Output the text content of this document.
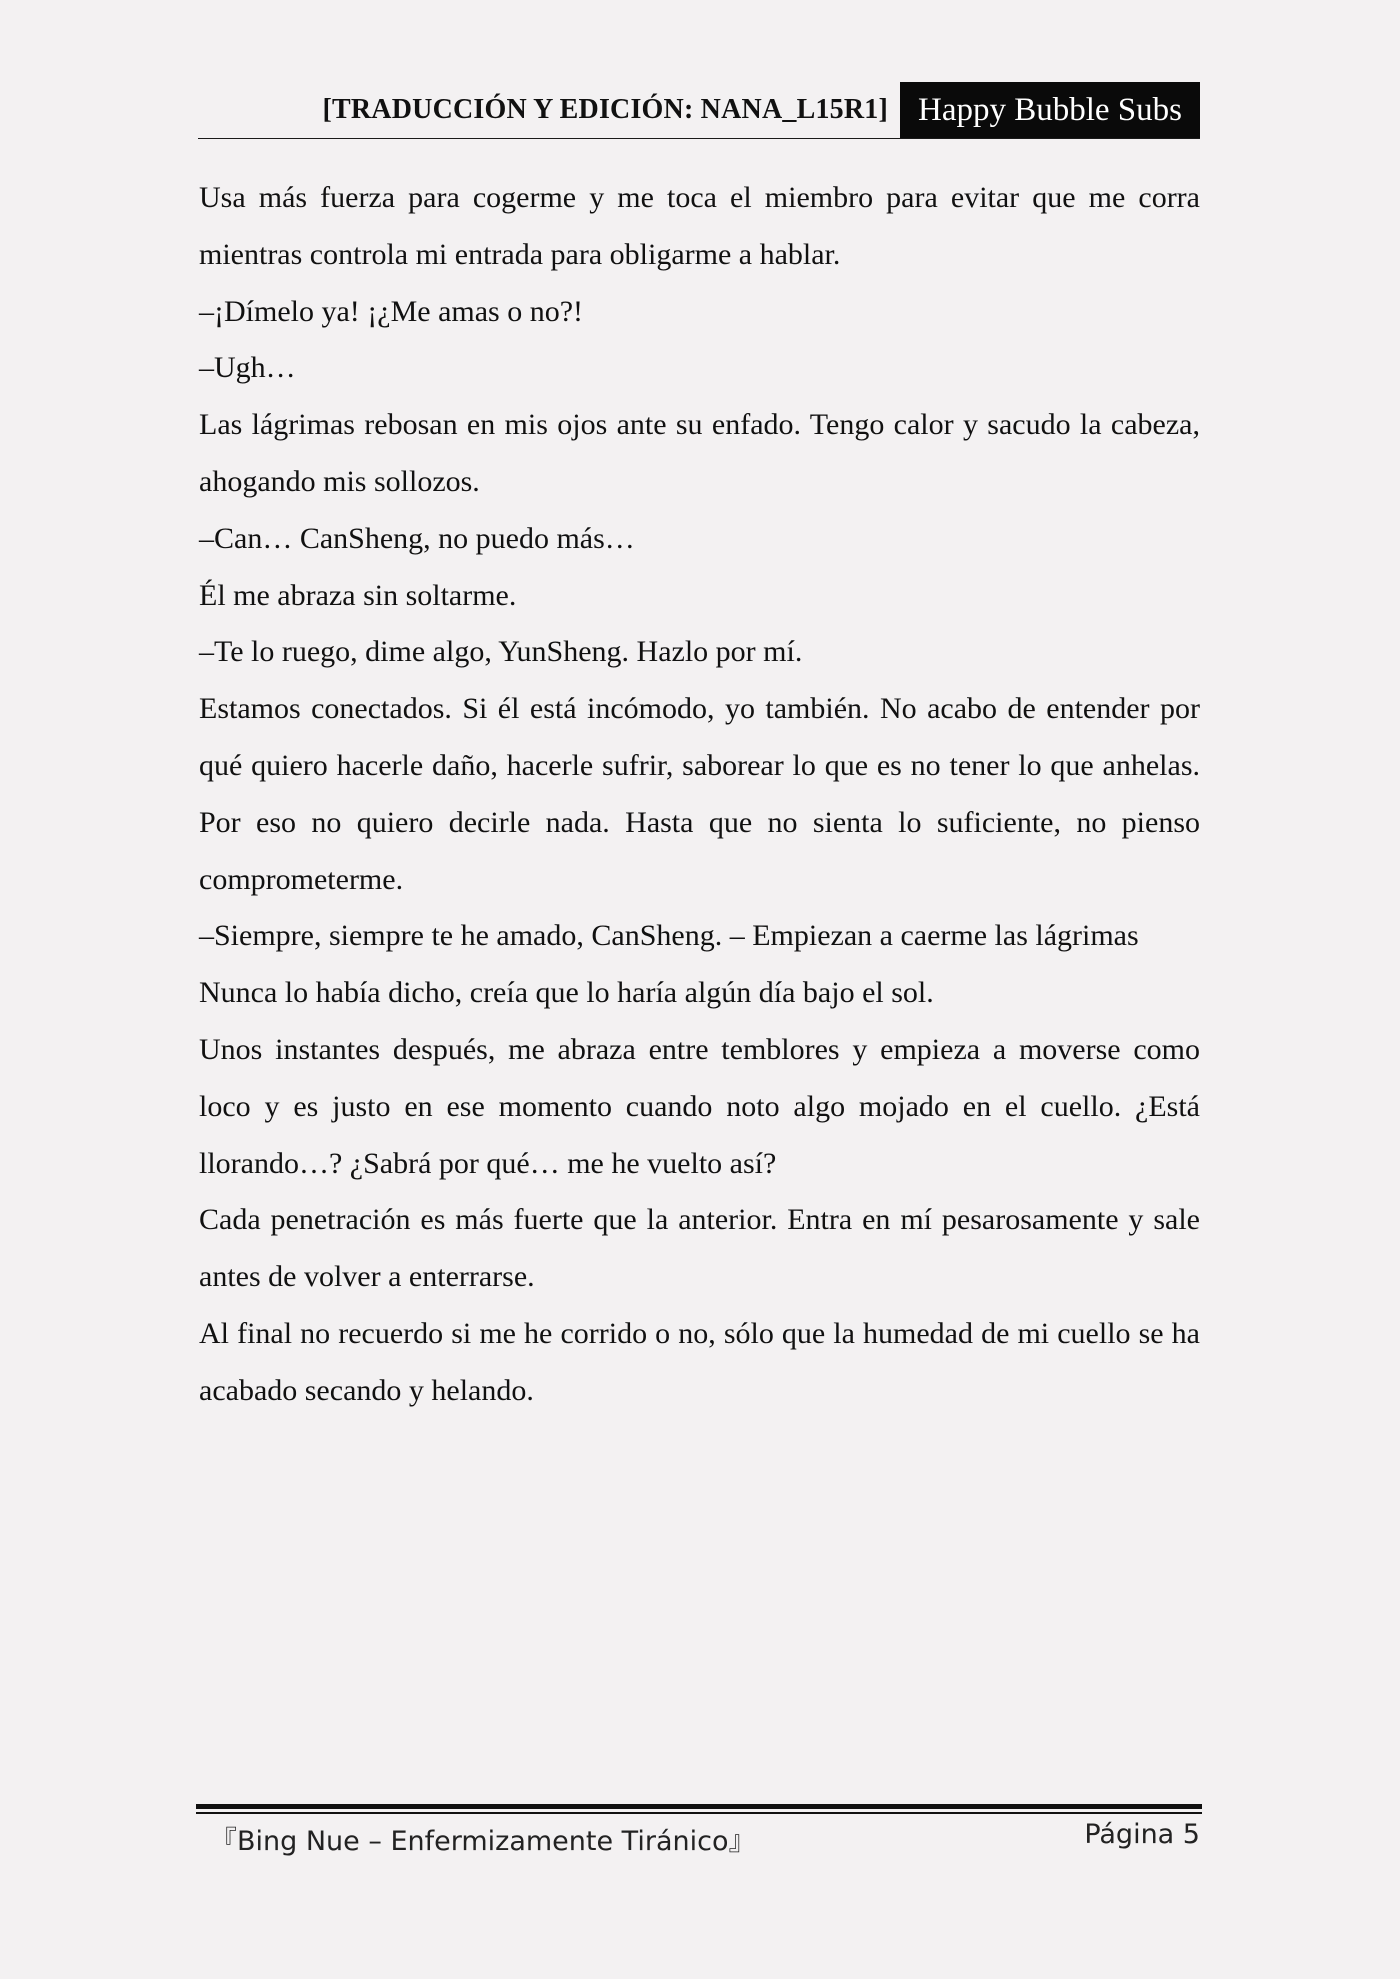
[TRADUCCIÓN Y EDICIÓN: NANA_L15R1] Happy Bubble Subs

Usa más fuerza para cogerme y me toca el miembro para evitar que me corra mientras controla mi entrada para obligarme a hablar.

–¡Dímelo ya! ¡¿Me amas o no?!

–Ugh…

Las lágrimas rebosan en mis ojos ante su enfado. Tengo calor y sacudo la cabeza, ahogando mis sollozos.

–Can… CanSheng, no puedo más…

Él me abraza sin soltarme.

–Te lo ruego, dime algo, YunSheng. Hazlo por mí.

Estamos conectados. Si él está incómodo, yo también. No acabo de entender por qué quiero hacerle daño, hacerle sufrir, saborear lo que es no tener lo que anhelas. Por eso no quiero decirle nada. Hasta que no sienta lo suficiente, no pienso comprometerme.

–Siempre, siempre te he amado, CanSheng. – Empiezan a caerme las lágrimas

Nunca lo había dicho, creía que lo haría algún día bajo el sol.

Unos instantes después, me abraza entre temblores y empieza a moverse como loco y es justo en ese momento cuando noto algo mojado en el cuello. ¿Está llorando…? ¿Sabrá por qué… me he vuelto así?

Cada penetración es más fuerte que la anterior. Entra en mí pesarosamente y sale antes de volver a enterrarse.

Al final no recuerdo si me he corrido o no, sólo que la humedad de mi cuello se ha acabado secando y helando.

『Bing Nue – Enfermizamente Tiránico』	Página 5
